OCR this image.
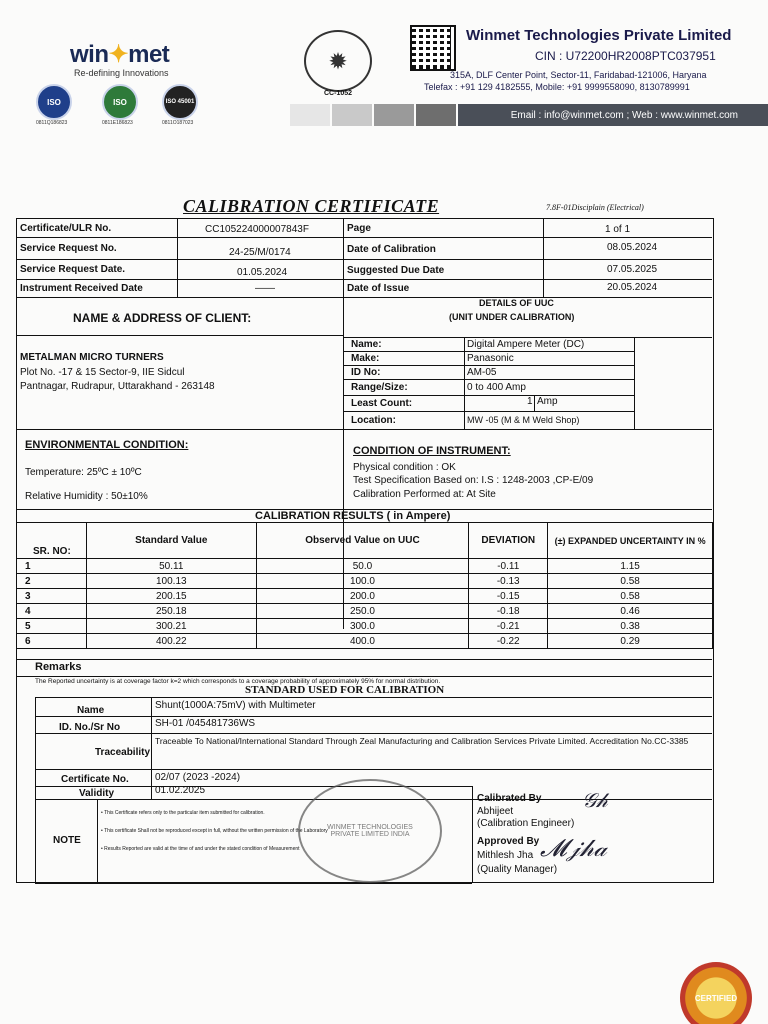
win✦met
Re-defining Innovations
ISO
0811Q186823
ISO
0811E186823
ISO 45001
0811O187023
✹
CC-1052
Winmet Technologies Private Limited
CIN : U72200HR2008PTC037951
315A, DLF Center Point, Sector-11, Faridabad-121006, Haryana
Telefax : +91 129 4182555, Mobile: +91 9999558090, 8130789991
Email : info@winmet.com ; Web : www.winmet.com
CALIBRATION CERTIFICATE	7.8F-01Disciplain (Electrical)
Certificate/ULR No.	CC105224000007843F	Page	1 of 1
Service Request No.	24-25/M/0174	Date of Calibration	08.05.2024
Service Request Date.	01.05.2024	Suggested Due Date	07.05.2025
Instrument Received Date	——	Date of Issue	20.05.2024
NAME & ADDRESS OF CLIENT:
METALMAN MICRO TURNERS
Plot No. -17 & 15 Sector-9, IIE Sidcul
Pantnagar, Rudrapur, Uttarakhand - 263148
DETAILS OF UUC
(UNIT UNDER CALIBRATION)
Name:	Digital Ampere Meter (DC)
Make:	Panasonic
ID No:	AM-05
Range/Size:	0 to 400 Amp
Least Count:	1 Amp
Location:	MW -05 (M & M Weld Shop)
ENVIRONMENTAL CONDITION:
Temperature: 25ºC ± 10ºC
Relative Humidity : 50±10%
CONDITION OF INSTRUMENT:
Physical condition : OK
Test Specification Based on: I.S : 1248-2003 ,CP-E/09
Calibration Performed at: At Site
CALIBRATION RESULTS ( in Ampere)
SR. NO:	Standard Value	Observed Value on UUC	DEVIATION	(±) EXPANDED UNCERTAINTY IN %
1	50.11	50.0	-0.11	1.15
2	100.13	100.0	-0.13	0.58
3	200.15	200.0	-0.15	0.58
4	250.18	250.0	-0.18	0.46
5	300.21	300.0	-0.21	0.38
6	400.22	400.0	-0.22	0.29
Remarks
The Reported uncertainty is at coverage factor k=2 which corresponds to a coverage probability of approximately 95% for normal distribution.
STANDARD USED FOR CALIBRATION
Name	Shunt(1000A:75mV) with Multimeter
ID. No./Sr No	SH-01 /045481736WS
Traceability
Traceable To National/International Standard Through Zeal Manufacturing and Calibration Services Private Limited. Accreditation No.CC-3385
Certificate No.	02/07 (2023 -2024)
Validity	01.02.2025
NOTE
• This Certificate refers only to the particular item submitted for calibration.
• This certificate Shall not be reproduced except in full, without the written permission of the Laboratory
• Results Reported are valid at the time of and under the stated condition of Measurement
Calibrated By
Abhijeet
(Calibration Engineer)
Approved By
Mithlesh Jha
(Quality Manager)
𝒢𝒽
𝓜𝒿𝒽𝒶
WINMET TECHNOLOGIES PRIVATE LIMITED INDIA
CERTIFIED
